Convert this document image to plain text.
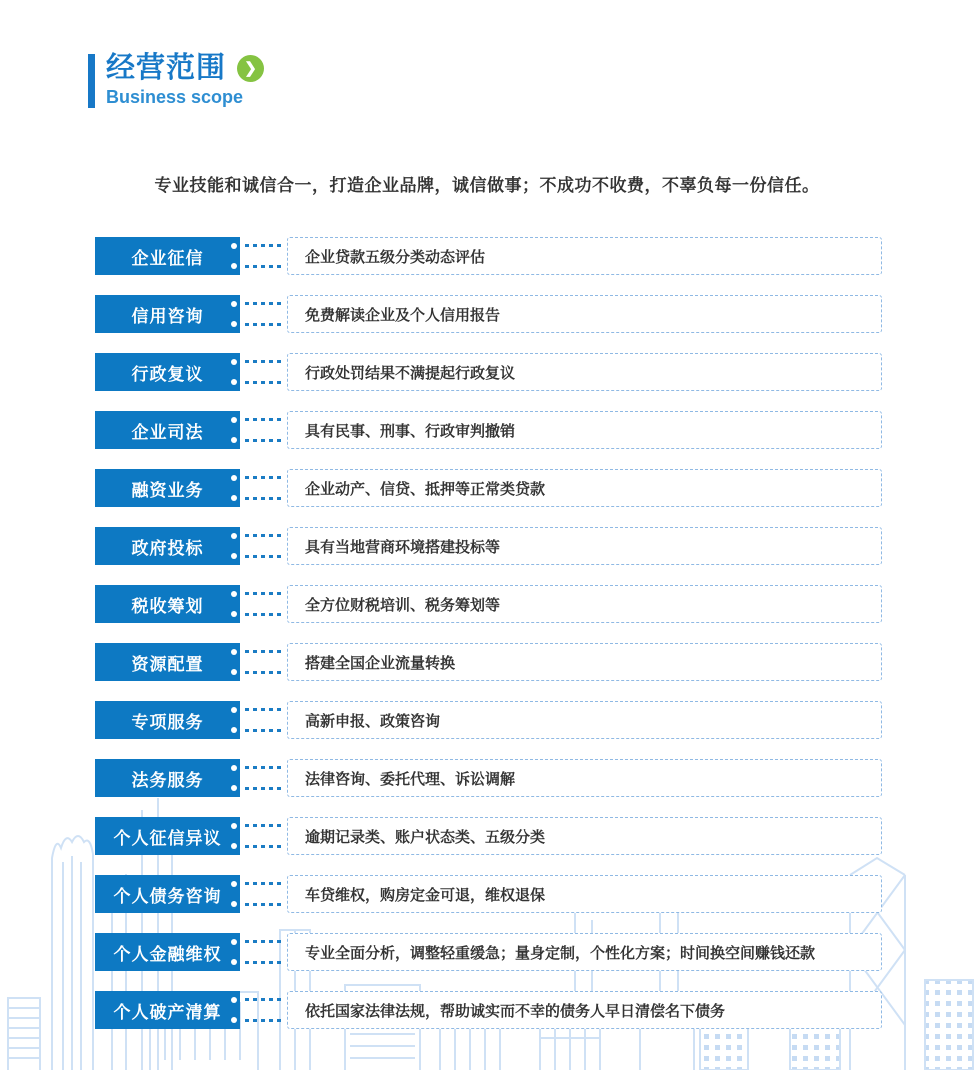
经营范围	❯
Business scope

专业技能和诚信合一，打造企业品牌，诚信做事；不成功不收费，不辜负每一份信任。

企业征信	企业贷款五级分类动态评估
信用咨询	免费解读企业及个人信用报告
行政复议	行政处罚结果不满提起行政复议
企业司法	具有民事、刑事、行政审判撤销
融资业务	企业动产、信贷、抵押等正常类贷款
政府投标	具有当地营商环境搭建投标等
税收筹划	全方位财税培训、税务筹划等
资源配置	搭建全国企业流量转换
专项服务	高新申报、政策咨询
法务服务	法律咨询、委托代理、诉讼调解
个人征信异议	逾期记录类、账户状态类、五级分类
个人债务咨询	车贷维权，购房定金可退，维权退保
个人金融维权	专业全面分析，调整轻重缓急；量身定制，个性化方案；时间换空间赚钱还款
个人破产清算	依托国家法律法规，帮助诚实而不幸的债务人早日清偿名下债务
